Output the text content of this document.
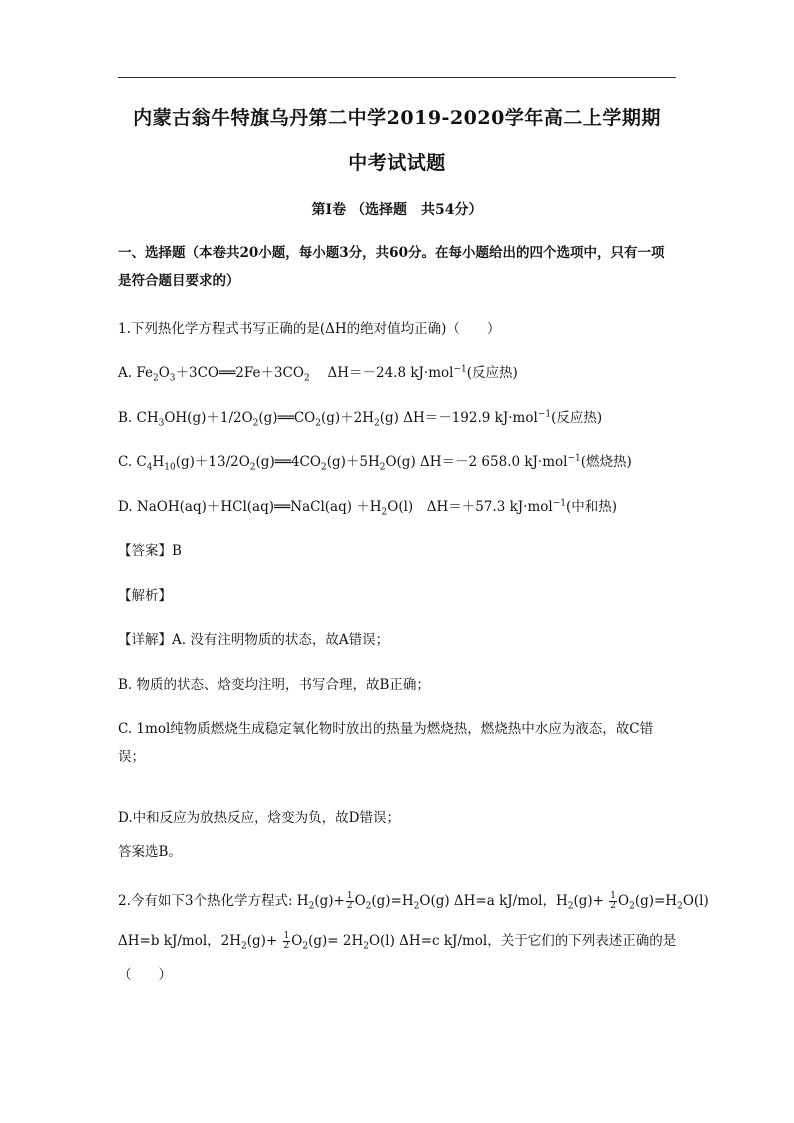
内蒙古翁牛特旗乌丹第二中学2019-2020学年高二上学期期
中考试试题
第Ⅰ卷 （选择题　共54分）
一、选择题（本卷共20小题，每小题3分，共60分。在每小题给出的四个选项中，只有一项是符合题目要求的）
1.下列热化学方程式书写正确的是(ΔH的绝对值均正确)（　　）
A. $Fe_2O_3+3CO══2Fe+3CO_2$　 ΔH＝－24.8 kJ·mol$^{-1}$(反应热)
B. $CH_3OH(g)+1/2O_2(g)══CO_2(g)+2H_2(g)$ ΔH＝－192.9 kJ·mol$^{-1}$(反应热)
C. $C_4H_{10}(g)+13/2O_2(g)══4CO_2(g)+5H_2O(g)$ ΔH＝－2 658.0 kJ·mol$^{-1}$(燃烧热)
D. NaOH(aq)＋HCl(aq)══NaCl(aq) $+H_2O(l)$　ΔH＝＋57.3 kJ·mol$^{-1}$(中和热)
【答案】B
【解析】
【详解】A. 没有注明物质的状态，故A错误；
B. 物质的状态、焓变均注明，书写合理，故B正确；
C. 1mol纯物质燃烧生成稳定氧化物时放出的热量为燃烧热，燃烧热中水应为液态，故C错误；
D.中和反应为放热反应，焓变为负，故D错误；
答案选B。
2.今有如下3个热化学方程式: $H_2(g)+ \frac{1}{2} O_2(g)=H_2O(g)$ ΔH=a kJ/mol，$H_2(g)+ \frac{1}{2} O_2(g)=H_2O(l)$
ΔH=b kJ/mol，$2H_2(g)+ \frac{1}{2} O_2(g)= 2H_2O(l)$ ΔH=c kJ/mol，关于它们的下列表述正确的是
（　　）
